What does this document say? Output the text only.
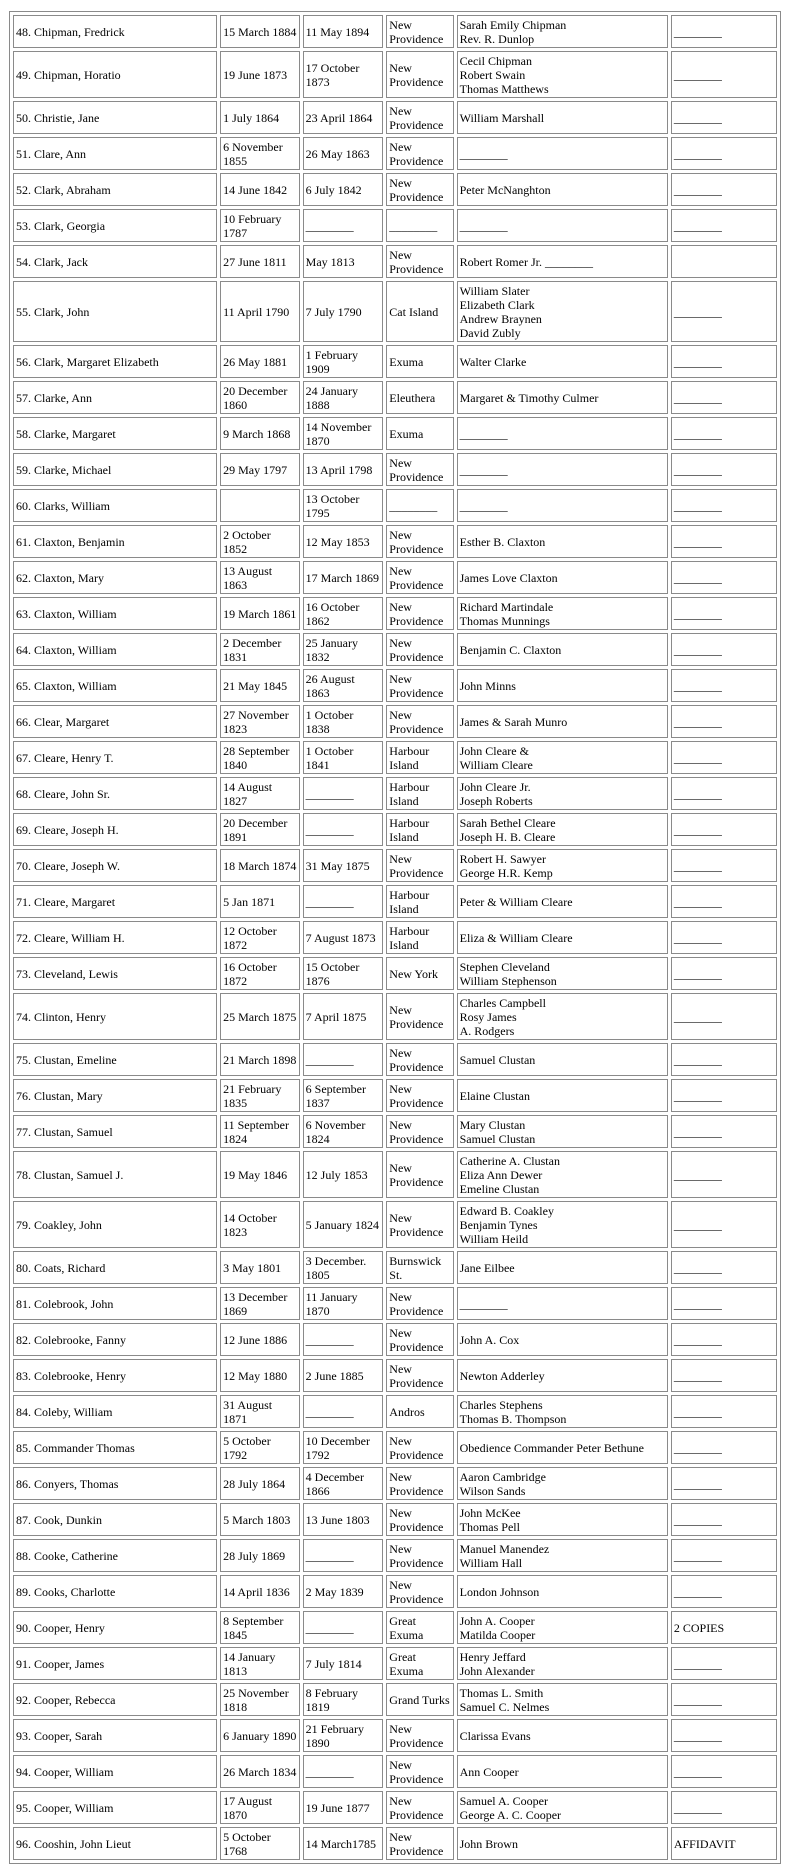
48. Chipman, Fredrick	15 March 1884	11 May 1894	New
Providence	Sarah Emily Chipman
Rev. R. Dunlop	________
49. Chipman, Horatio	19 June 1873	17 October
1873	New
Providence	Cecil Chipman
Robert Swain
Thomas Matthews	________
50. Christie, Jane	1 July 1864	23 April 1864	New
Providence	William Marshall	________
51. Clare, Ann	6 November
1855	26 May 1863	New
Providence	________	________
52. Clark, Abraham	14 June 1842	6 July 1842	New
Providence	Peter McNanghton	________
53. Clark, Georgia	10 February
1787	________	________	________	________
54. Clark, Jack	27 June 1811	May 1813	New
Providence	Robert Romer Jr. ________	
55. Clark, John	11 April 1790	7 July 1790	Cat Island	William Slater
Elizabeth Clark
Andrew Braynen
David Zubly	________
56. Clark, Margaret Elizabeth	26 May 1881	1 February
1909	Exuma	Walter Clarke	________
57. Clarke, Ann	20 December
1860	24 January
1888	Eleuthera	Margaret & Timothy Culmer	________
58. Clarke, Margaret	9 March 1868	14 November
1870	Exuma	________	________
59. Clarke, Michael	29 May 1797	13 April 1798	New
Providence	________	________
60. Clarks, William		13 October
1795	________	________	________
61. Claxton, Benjamin	2 October 1852	12 May 1853	New
Providence	Esther B. Claxton	________
62. Claxton, Mary	13 August
1863	17 March 1869	New
Providence	James Love Claxton	________
63. Claxton, William	19 March 1861	16 October
1862	New
Providence	Richard Martindale
Thomas Munnings	________
64. Claxton, William	2 December
1831	25 January
1832	New
Providence	Benjamin C. Claxton	________
65. Claxton, William	21 May 1845	26 August
1863	New
Providence	John Minns	________
66. Clear, Margaret	27 November
1823	1 October 1838	New
Providence	James & Sarah Munro	________
67. Cleare, Henry T.	28 September
1840	1 October 1841	Harbour
Island	John Cleare &
William Cleare	________
68. Cleare, John Sr.	14 August
1827	________	Harbour
Island	John Cleare Jr.
Joseph Roberts	________
69. Cleare, Joseph H.	20 December
1891	________	Harbour
Island	Sarah Bethel Cleare
Joseph H. B. Cleare	________
70. Cleare, Joseph W.	18 March 1874	31 May 1875	New
Providence	Robert H. Sawyer
George H.R. Kemp	________
71. Cleare, Margaret	5 Jan 1871	________	Harbour
Island	Peter & William Cleare	________
72. Cleare, William H.	12 October
1872	7 August 1873	Harbour
Island	Eliza & William Cleare	________
73. Cleveland, Lewis	16 October
1872	15 October
1876	New York	Stephen Cleveland
William Stephenson	________
74. Clinton, Henry	25 March 1875	7 April 1875	New
Providence	Charles Campbell
Rosy James
A. Rodgers	________
75. Clustan, Emeline	21 March 1898	________	New
Providence	Samuel Clustan	________
76. Clustan, Mary	21 February
1835	6 September
1837	New
Providence	Elaine Clustan	________
77. Clustan, Samuel	11 September
1824	6 November
1824	New
Providence	Mary Clustan
Samuel Clustan	________
78. Clustan, Samuel J.	19 May 1846	12 July 1853	New
Providence	Catherine A. Clustan
Eliza Ann Dewer
Emeline Clustan	________
79. Coakley, John	14 October
1823	5 January 1824	New
Providence	Edward B. Coakley
Benjamin Tynes
William Heild	________
80. Coats, Richard	3 May 1801	3 December.
1805	Burnswick
St.	Jane Eilbee	________
81. Colebrook, John	13 December
1869	11 January
1870	New
Providence	________	________
82. Colebrooke, Fanny	12 June 1886	________	New
Providence	John A. Cox	________
83. Colebrooke, Henry	12 May 1880	2 June 1885	New
Providence	Newton Adderley	________
84. Coleby, William	31 August
1871	________	Andros	Charles Stephens
Thomas B. Thompson	________
85. Commander Thomas	5 October 1792	10 December
1792	New
Providence	Obedience Commander Peter Bethune	________
86. Conyers, Thomas	28 July 1864	4 December
1866	New
Providence	Aaron Cambridge
Wilson Sands	________
87. Cook, Dunkin	5 March 1803	13 June 1803	New
Providence	John McKee
Thomas Pell	________
88. Cooke, Catherine	28 July 1869	________	New
Providence	Manuel Manendez
William Hall	________
89. Cooks, Charlotte	14 April 1836	2 May 1839	New
Providence	London Johnson	________
90. Cooper, Henry	8 September
1845	________	Great Exuma	John A. Cooper
Matilda Cooper	2 COPIES
91. Cooper, James	14 January
1813	7 July 1814	Great Exuma	Henry Jeffard
John Alexander	________
92. Cooper, Rebecca	25 November
1818	8 February
1819	Grand Turks	Thomas L. Smith
Samuel C. Nelmes	________
93. Cooper, Sarah	6 January 1890	21 February
1890	New
Providence	Clarissa Evans	________
94. Cooper, William	26 March 1834	________	New
Providence	Ann Cooper	________
95. Cooper, William	17 August
1870	19 June 1877	New
Providence	Samuel A. Cooper
George A. C. Cooper	________
96. Cooshin, John Lieut	5 October 1768	14 March1785	New
Providence	John Brown	AFFIDAVIT
